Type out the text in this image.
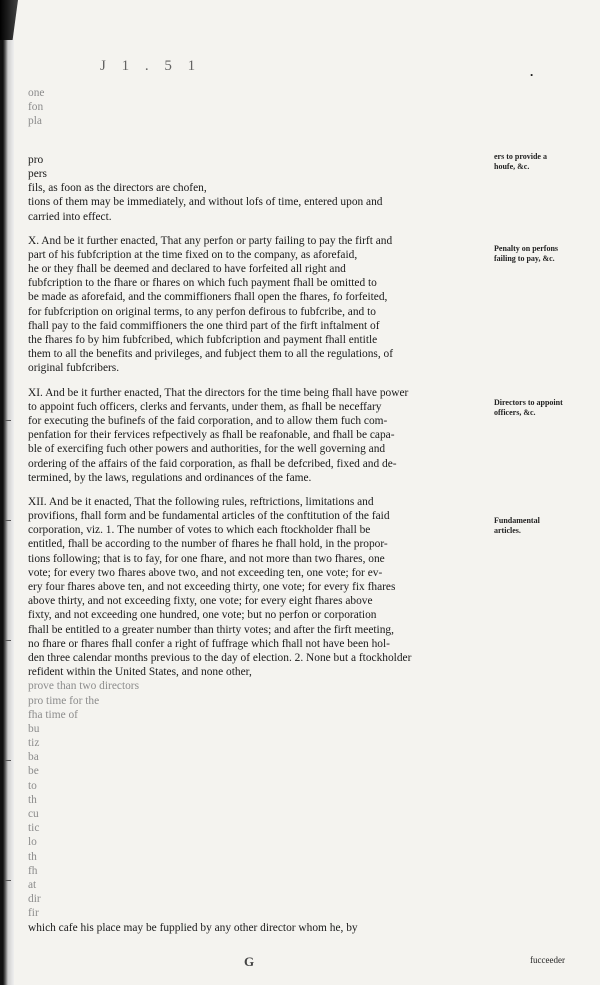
J 1 . 5 1	.
one
fon
pla
pro
pers
fils, as foon as the directors are chofen,
tions of them may be immediately, and without lofs of time, entered upon and
carried into effect.
X. And be it further enacted, That any perfon or party failing to pay the firft and
part of his fubfcription at the time fixed on to the company, as aforefaid,
he or they fhall be deemed and declared to have forfeited all right and
fubfcription to the fhare or fhares on which fuch payment fhall be omitted to
be made as aforefaid, and the commiffioners fhall open the fhares, fo forfeited,
for fubfcription on original terms, to any perfon defirous to fubfcribe, and to
fhall pay to the faid commiffioners the one third part of the firft inftalment of
the fhares fo by him fubfcribed, which fubfcription and payment fhall entitle
them to all the benefits and privileges, and fubject them to all the regulations, of
original fubfcribers.
XI. And be it further enacted, That the directors for the time being fhall have power
to appoint fuch officers, clerks and fervants, under them, as fhall be neceffary
for executing the bufinefs of the faid corporation, and to allow them fuch com-
penfation for their fervices refpectively as fhall be reafonable, and fhall be capa-
ble of exercifing fuch other powers and authorities, for the well governing and
ordering of the affairs of the faid corporation, as fhall be defcribed, fixed and de-
termined, by the laws, regulations and ordinances of the fame.
XII. And be it enacted, That the following rules, reftrictions, limitations and
provifions, fhall form and be fundamental articles of the conftitution of the faid
corporation, viz. 1. The number of votes to which each ftockholder fhall be
entitled, fhall be according to the number of fhares he fhall hold, in the propor-
tions following; that is to fay, for one fhare, and not more than two fhares, one
vote; for every two fhares above two, and not exceeding ten, one vote; for ev-
ery four fhares above ten, and not exceeding thirty, one vote; for every fix fhares
above thirty, and not exceeding fixty, one vote; for every eight fhares above
fixty, and not exceeding one hundred, one vote; but no perfon or corporation
fhall be entitled to a greater number than thirty votes; and after the firft meeting,
no fhare or fhares fhall confer a right of fuffrage which fhall not have been hol-
den three calendar months previous to the day of election. 2. None but a ftockholder
refident within the United States, and none other,
prove than two directors
pro time for the
fha time of
bu
tiz
ba
be
to
th
cu
tic
lo
th
fh
at
dir
fir
which cafe his place may be fupplied by any other director whom he, by
ers to provide a houfe, &c.
Penalty on perfons failing to pay, &c.
Directors to appoint officers, &c.
Fundamental articles.
G	fucceeder
